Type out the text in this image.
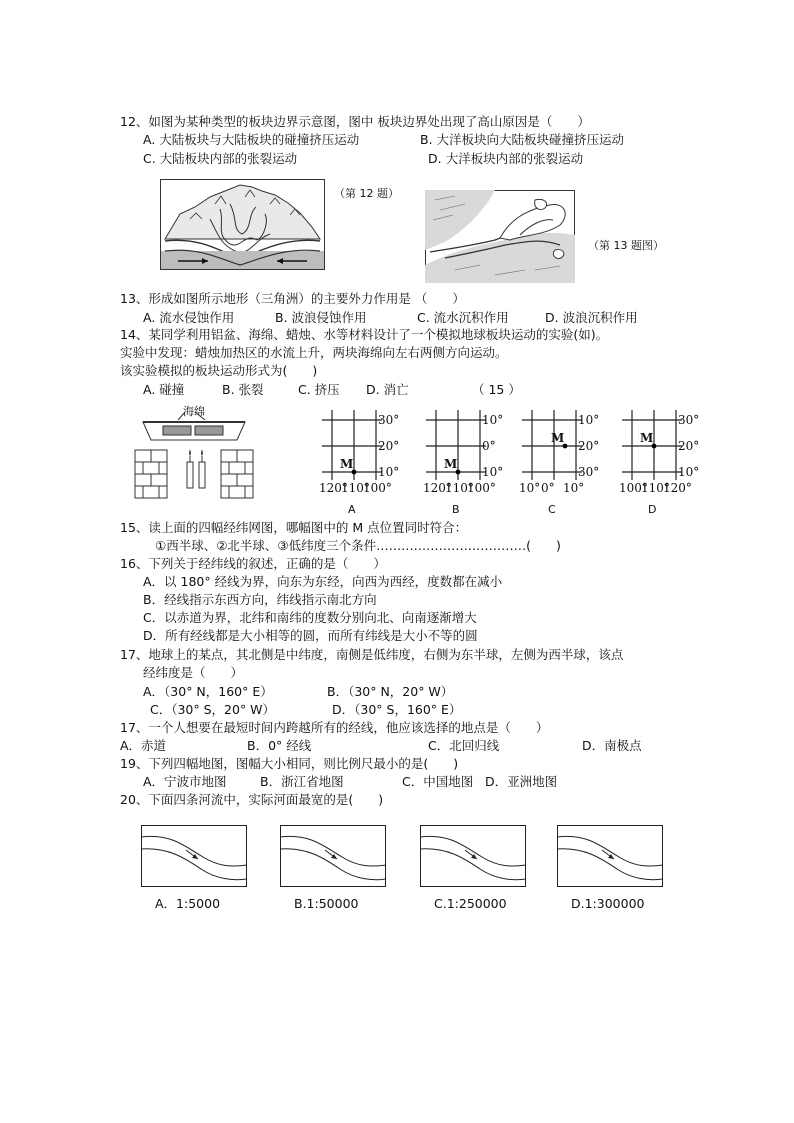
12、如图为某种类型的板块边界示意图，图中 板块边界处出现了高山原因是（　　）
A. 大陆板块与大陆板块的碰撞挤压运动	B. 大洋板块向大陆板块碰撞挤压运动
C. 大陆板块内部的张裂运动	D. 大洋板块内部的张裂运动
（第 12 题）
（第 13 题图）
13、形成如图所示地形（三角洲）的主要外力作用是 （　　）
A. 流水侵蚀作用	B. 波浪侵蚀作用	C. 流水沉积作用	D. 波浪沉积作用
14、某同学利用铝盆、海绵、蜡烛、水等材料设计了一个模拟地球板块运动的实验(如)。
实验中发现：蜡烛加热区的水流上升，两块海绵向左右两侧方向运动。
该实验模拟的板块运动形式为(　　)
A. 碰撞	B. 张裂	C. 挤压 D. 消亡	（ 15 ）
海绵
M
30°
20°
10°
120°
110°
100°
A
M
10°
0°
10°
120°
110°
100°
B
M
10°
20°
30°
10° 0° 10°
C
M
30°
20°
10°
100°
110°
120°
D
15、读上面的四幅经纬网图，哪幅图中的 M 点位置同时符合：
①西半球、②北半球、③低纬度三个条件………………………………(　　)
16、下列关于经纬线的叙述，正确的是（　　）
A．以 180° 经线为界，向东为东经，向西为西经，度数都在减小
B．经线指示东西方向，纬线指示南北方向
C．以赤道为界，北纬和南纬的度数分别向北、向南逐渐增大
D．所有经线都是大小相等的圆，而所有纬线是大小不等的圆
17、地球上的某点，其北侧是中纬度，南侧是低纬度，右侧为东半球，左侧为西半球，该点
经纬度是（　　）
A．（30° N，160° E）	B．（30° N，20° W）
C．（30° S，20° W）	D．（30° S，160° E）
17、一个人想要在最短时间内跨越所有的经线，他应该选择的地点是（　　）
A．赤道	B．0° 经线	C．北回归线	D．南极点
19、下列四幅地图，图幅大小相同，则比例尺最小的是(　　)
A．宁波市地图	B．浙江省地图	C．中国地图 D．亚洲地图
20、下面四条河流中，实际河面最宽的是(　　)
A．1:5000	B.1:50000	C.1:250000	D.1:300000
